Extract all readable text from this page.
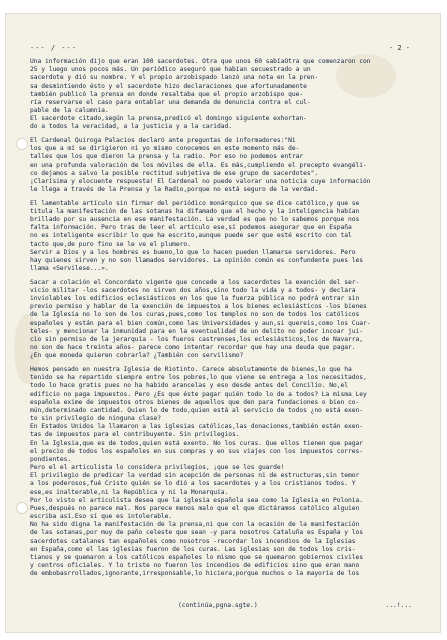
--- / ---	- 2 -
Una información dijo que eran 100 sacerdotes. Otra que unos 60 sabíaOtra que comenzaron con
25 y luego unos pocos más. Un periódico aseguró que habían secuestrado a un
sacerdote y dió su nombre. Y el propio arzobispado lanzó una nota en la pren-
sa desmintiendo ésto y el sacerdote hizo declaraciones que afortunadamente
también publicó la prensa en donde resaltaba que el propio arzobispo que-
ría reservarse el caso para entablar una demanda de denuncia contra el cul-
pable de la calumnia.
El sacerdote citado,según la prensa,predicó el domingo siguiente exhortan-
do a todos la veracidad, a la justicia y a la caridad.
El Cardenal Quiroga Palacios declaró ante preguntas de informadores:"Ni
los que a mí se dirigieron ni yo mismo conocemos en este momento más de-
talles que los que dieron la prensa y la radio. Por eso no podemos entrar
en una profunda valoración de los móviles de ella. Es más,cumpliendo el precepto evangéli-
co dejamos a salvo la posible rectitud subjetiva de ese grupo de sacerdotes".
¡Clarísima y elocuente respuesta! El Cardenal no puede valorar una noticia cuye información
le llega a través de la Prensa y la Radio,porque no está seguro de la verdad.
El lamentable artículo sin firmar del periódico monárquico que se dice católico,y que se
titula la manifestación de las sotanas ha difamado que el hecho y la inteligencia habían
brillado por su ausencia en ese manifestación. La verdad es que no lo sabemos porque nos
falta información. Pero tras de leer el artículo ese,sí podemos asegurar que en España
no es inteligente escribir lo que ha escrito,aunque puede ser que esté escrito con tal
tacto que,de puro fino se le ve el plumero.
Servir a Dios y a los hombres es bueno,lo que lo hacen pueden llamarse servidores. Pero
hay quienes sirven y no son llamados servidores. La opinión común es confundente pues les
llama «Servilese...».
Sacar a colación el Concordato vigente que concede a los sacerdotes la exención del ser-
vicio militar -los sacerdotes no sirven dos años,sino todo la vida y a todos- y declara
inviolables los edificios eclesiásticos en los que la fuerza pública no podrá entrar sin
previo permiso y hablar de la exención de impuestos a los bienes eclesiásticos -los bienes
de la Iglesia no lo son de los curas,pues,como los templos no son de todos los católicos
españoles y están para el bien común,como las Universidades y aun,si quereis,como los Cuar-
teles- y mencionar la inmunidad para en la eventualidad de un delito no poder incoar jui-
cio sin permiso de la jerarquía - los fueros castrenses,los eclesiásticos,los de Navarra,
no son de hace treinta años- parece como intentar recordar que hay una deuda que pagar.
¿En que moneda quieren cobrarla? ¿También con servilismo?
Hemos pensado en nuestra Iglesia de Riotinto. Carece absolutamente de bienes,lo que ha
tenido se ha repartido siempre entre los pobres,lo que viene se entrega a los necesitados,
todo lo hace gratis pues no ha habido arancelas y eso desde antes del Concilio. No,el
edificio no paga impuestos. Pero ¿Es que éste pagar quién todo lo de a todos? La misma Ley
española exime de impuestos otros bienes de aquellos que den para fundaciones o bien co-
mún,determinado cantidad. Quien lo de todo,quien está al servicio de todos ¿no está exen-
to sin privilegio de ninguna clase?
En Estados Unidos la llamaron a las iglesias católicas,las donaciones,también están exen-
tas de impuestos para el contribuyente. Sin privilegios.
En la Iglesia,que es de todos,quien está exento. No los curas. Que ellos tienen que pagar
el precio de todos los españoles en sus compras y en sus viajes con los impuestos corres-
pondientes.
Pero el el articulista lo considera privilegios, ¡que se los guarde!
El privilegio de predicar la verdad sin acepción de personas ni de estructuras,sin temor
a los poderosos,fué Cristo quién se lo dió a los sacerdotes y a los cristianos todos. Y
ese,es inalterable,ni la República y ni la Monarquía.
Por lo visto el articulista desea que la iglesia española sea como la Iglesia en Polonia.
Pues,después no parece mal. Nos parece menos malo que el que dictáramos católico alguien
escriba así.Eso sí que es intolerable.
No ha sido digna la manifestación de la prensa,ni que con la ocasión de la manifestación
de las sotanas,por muy de paño celeste que sean -y para nosotros Cataluña es España y los
sacerdotes catalanes tan españoles como nosotros -recordar los incendios de la Iglesias
en España,como el las iglesias fueron de los curas. Las iglesias son de todos los cris-
tianos y se quemaron a los católicos españoles lo mismo que se quemaron gobiernos civiles
y centros oficiales. Y lo triste no fueron los incendios de edificios sino que eran mano
de embobasrrollados,ignorante,irresponsable,lo hiciera,porque muchos o la mayoría de los
(continúa,pgna.sgte.)	...!...
